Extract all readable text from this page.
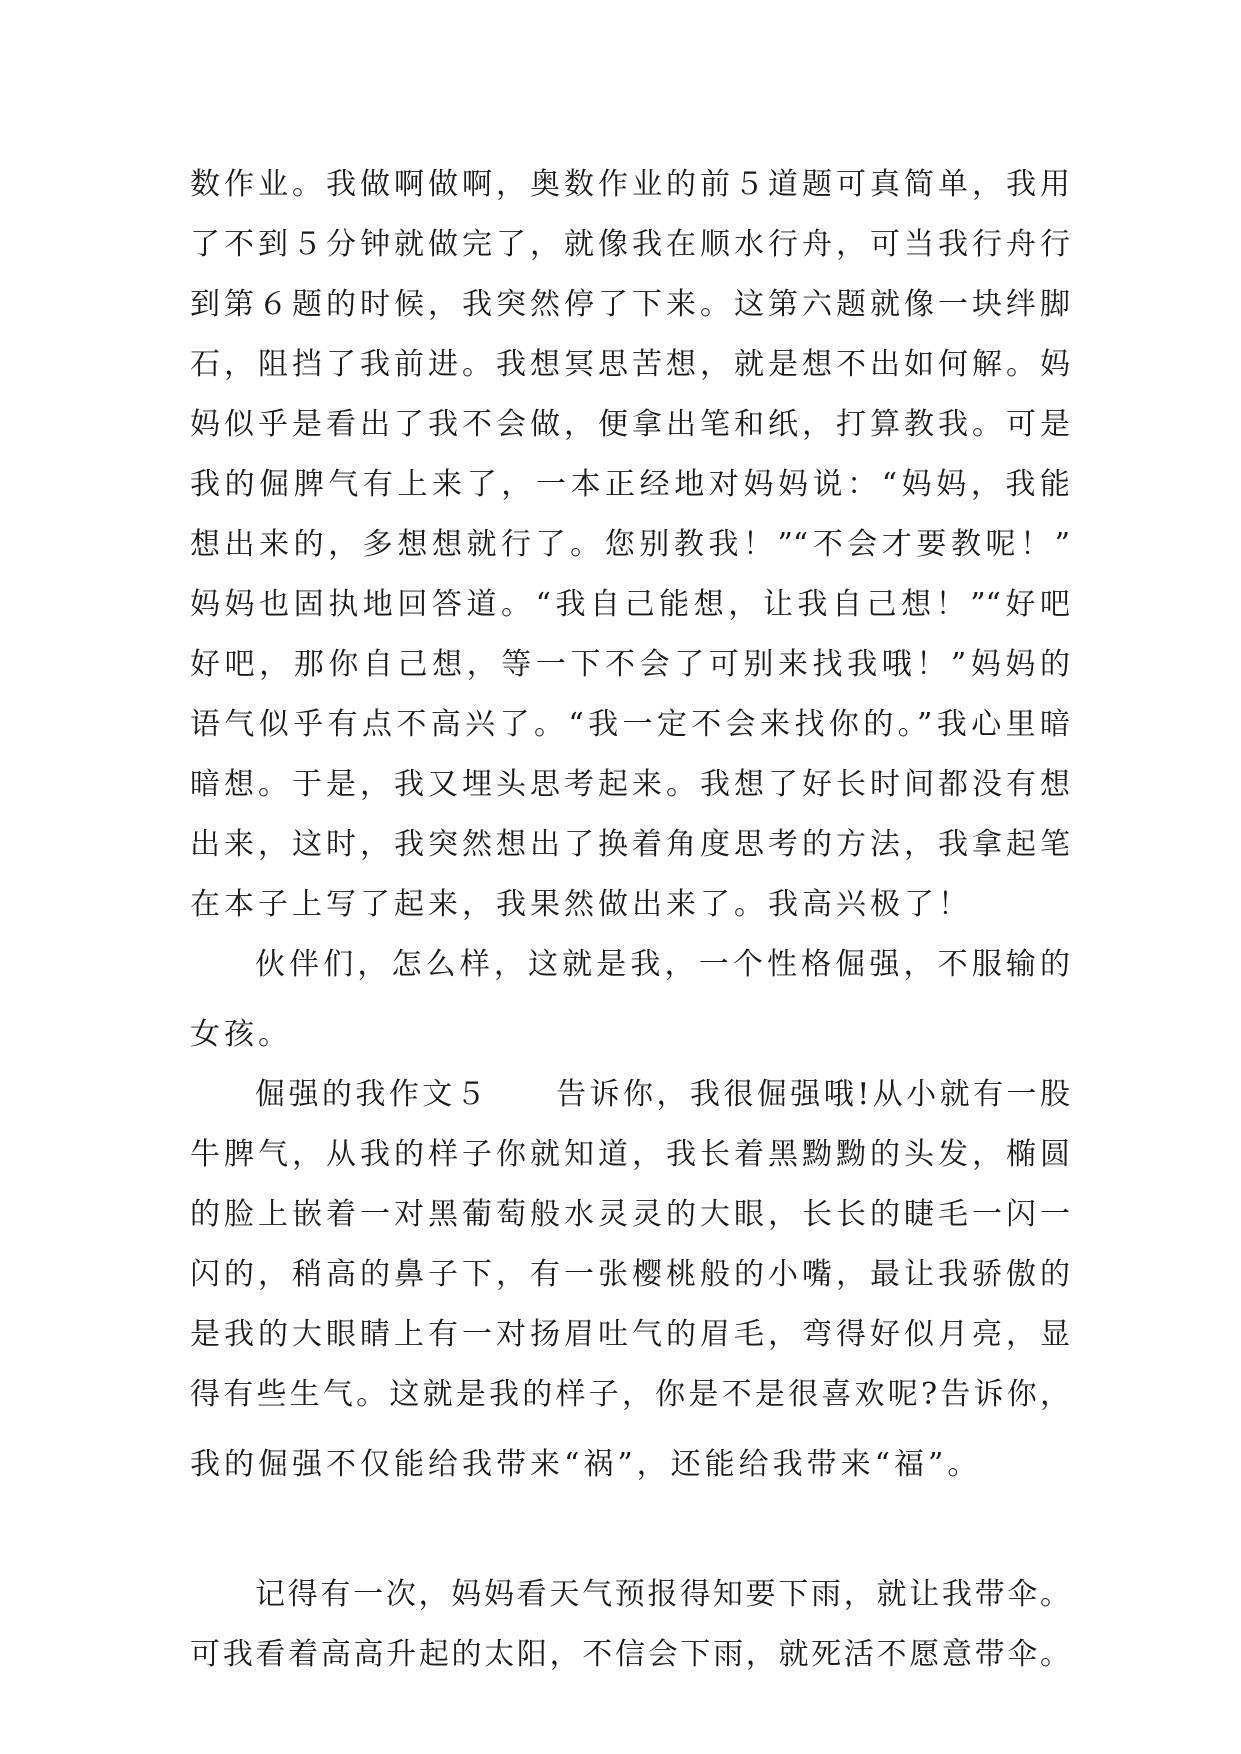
数作业。我做啊做啊，奥数作业的前５道题可真简单，我用
了不到５分钟就做完了，就像我在顺水行舟，可当我行舟行
到第６题的时候，我突然停了下来。这第六题就像一块绊脚
石，阻挡了我前进。我想冥思苦想，就是想不出如何解。妈
妈似乎是看出了我不会做，便拿出笔和纸，打算教我。可是
我的倔脾气有上来了，一本正经地对妈妈说：“妈妈，我能
想出来的，多想想就行了。您别教我！”“不会才要教呢！”
妈妈也固执地回答道。“我自己能想，让我自己想！”“好吧
好吧，那你自己想，等一下不会了可别来找我哦！”妈妈的
语气似乎有点不高兴了。“我一定不会来找你的。”我心里暗
暗想。于是，我又埋头思考起来。我想了好长时间都没有想
出来，这时，我突然想出了换着角度思考的方法，我拿起笔
在本子上写了起来，我果然做出来了。我高兴极了！
伙伴们，怎么样，这就是我，一个性格倔强，不服输的
女孩。
倔强的我作文５　　告诉你，我很倔强哦!从小就有一股
牛脾气，从我的样子你就知道，我长着黑黝黝的头发，椭圆
的脸上嵌着一对黑葡萄般水灵灵的大眼，长长的睫毛一闪一
闪的，稍高的鼻子下，有一张樱桃般的小嘴，最让我骄傲的
是我的大眼睛上有一对扬眉吐气的眉毛，弯得好似月亮，显
得有些生气。这就是我的样子，你是不是很喜欢呢?告诉你，
我的倔强不仅能给我带来“祸”，还能给我带来“福”。
记得有一次，妈妈看天气预报得知要下雨，就让我带伞。
可我看着高高升起的太阳，不信会下雨，就死活不愿意带伞。
